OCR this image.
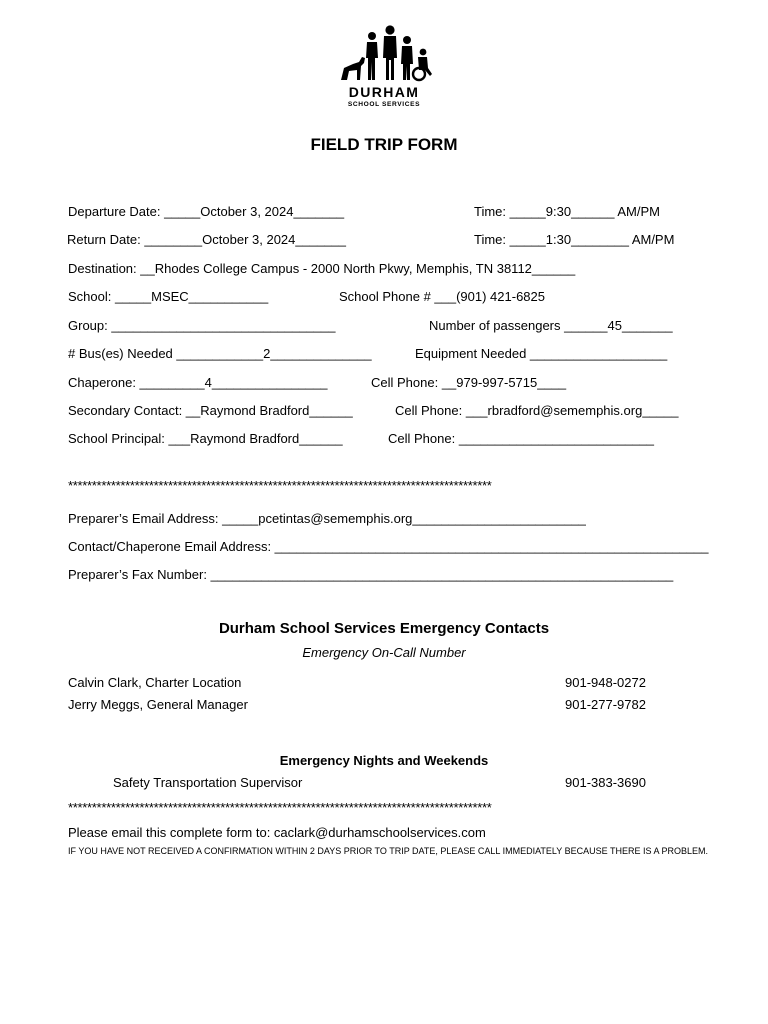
DURHAM
SCHOOL SERVICES
FIELD TRIP FORM
Departure Date: _____October 3, 2024_______	Time: _____9:30______ AM/PM
Return Date: ________October 3, 2024_______	Time: _____1:30________ AM/PM
Destination: __Rhodes College Campus - 2000 North Pkwy, Memphis, TN 38112______
School: _____MSEC___________	School Phone # ___(901) 421-6825
Group: _______________________________	Number of passengers ______45_______
# Bus(es) Needed ____________2______________	Equipment Needed ___________________
Chaperone: _________4________________	Cell Phone: __979-997-5715____
Secondary Contact: __Raymond Bradford______	Cell Phone: ___rbradford@sememphis.org_____
School Principal: ___Raymond Bradford______	Cell Phone: ___________________________
*****************************************************************************************
Preparer’s Email Address: _____pcetintas@sememphis.org________________________
Contact/Chaperone Email Address: ____________________________________________________________
Preparer’s Fax Number: ________________________________________________________________
Durham School Services Emergency Contacts
Emergency On-Call Number
Calvin Clark, Charter Location	901-948-0272
Jerry Meggs, General Manager	901-277-9782
Emergency Nights and Weekends
Safety Transportation Supervisor	901-383-3690
*****************************************************************************************
Please email this complete form to: caclark@durhamschoolservices.com
IF YOU HAVE NOT RECEIVED A CONFIRMATION WITHIN 2 DAYS PRIOR TO TRIP DATE, PLEASE CALL IMMEDIATELY BECAUSE THERE IS A PROBLEM.
